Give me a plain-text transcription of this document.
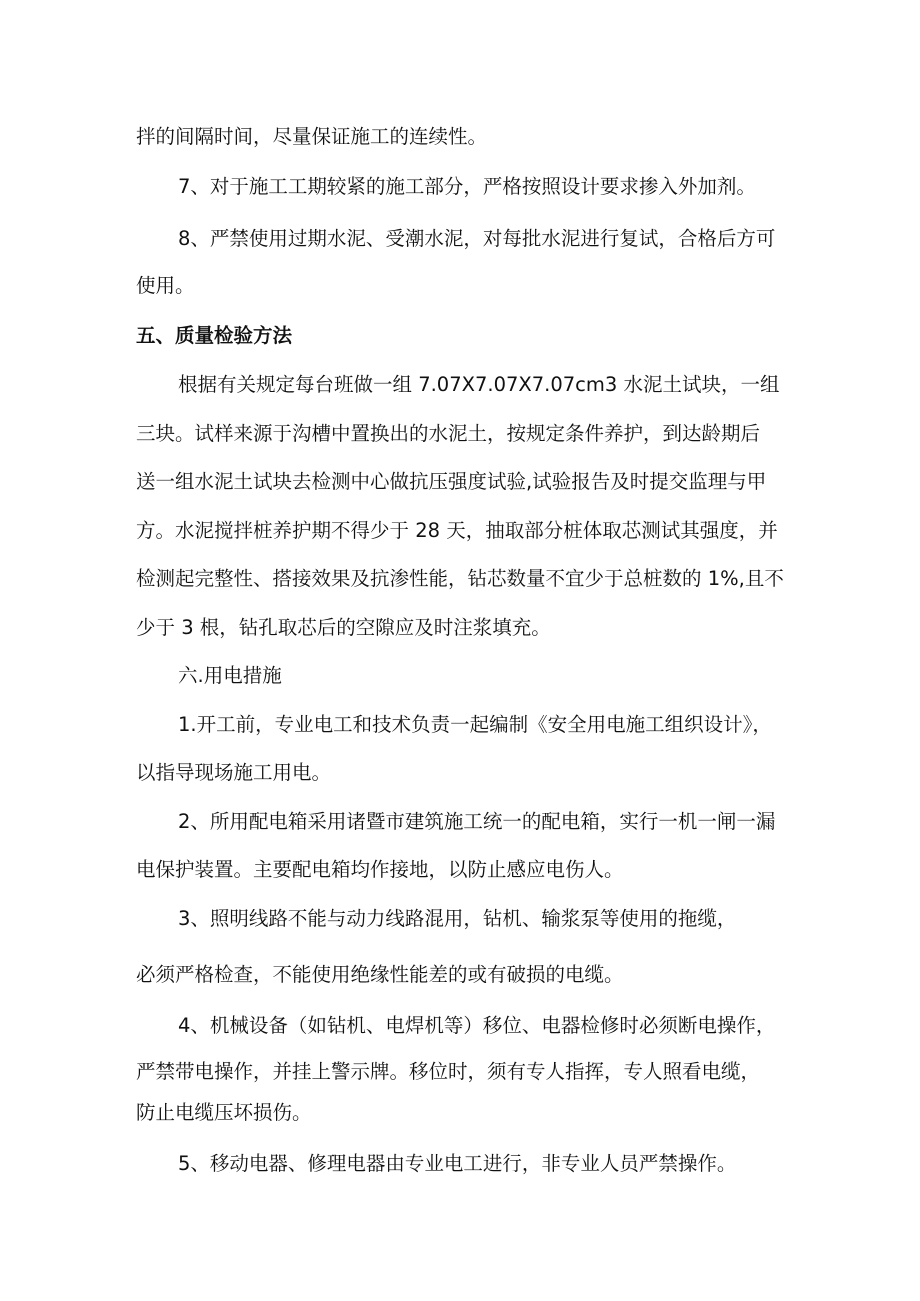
拌的间隔时间，尽量保证施工的连续性。
7、对于施工工期较紧的施工部分，严格按照设计要求掺入外加剂。
8、严禁使用过期水泥、受潮水泥，对每批水泥进行复试，合格后方可
使用。
五、质量检验方法
根据有关规定每台班做一组 7.07X7.07X7.07cm3 水泥土试块，一组
三块。试样来源于沟槽中置换出的水泥土，按规定条件养护，到达龄期后
送一组水泥土试块去检测中心做抗压强度试验,试验报告及时提交监理与甲
方。水泥搅拌桩养护期不得少于 28 天，抽取部分桩体取芯测试其强度，并
检测起完整性、搭接效果及抗渗性能，钻芯数量不宜少于总桩数的 1%,且不
少于 3 根，钻孔取芯后的空隙应及时注浆填充。
六.用电措施
1.开工前，专业电工和技术负责一起编制《安全用电施工组织设计》，
以指导现场施工用电。
2、所用配电箱采用诸暨市建筑施工统一的配电箱，实行一机一闸一漏
电保护装置。主要配电箱均作接地，以防止感应电伤人。
3、照明线路不能与动力线路混用，钻机、输浆泵等使用的拖缆，
必须严格检查，不能使用绝缘性能差的或有破损的电缆。
4、机械设备（如钻机、电焊机等）移位、电器检修时必须断电操作，
严禁带电操作，并挂上警示牌。移位时，须有专人指挥，专人照看电缆，
防止电缆压坏损伤。
5、移动电器、修理电器由专业电工进行，非专业人员严禁操作。
